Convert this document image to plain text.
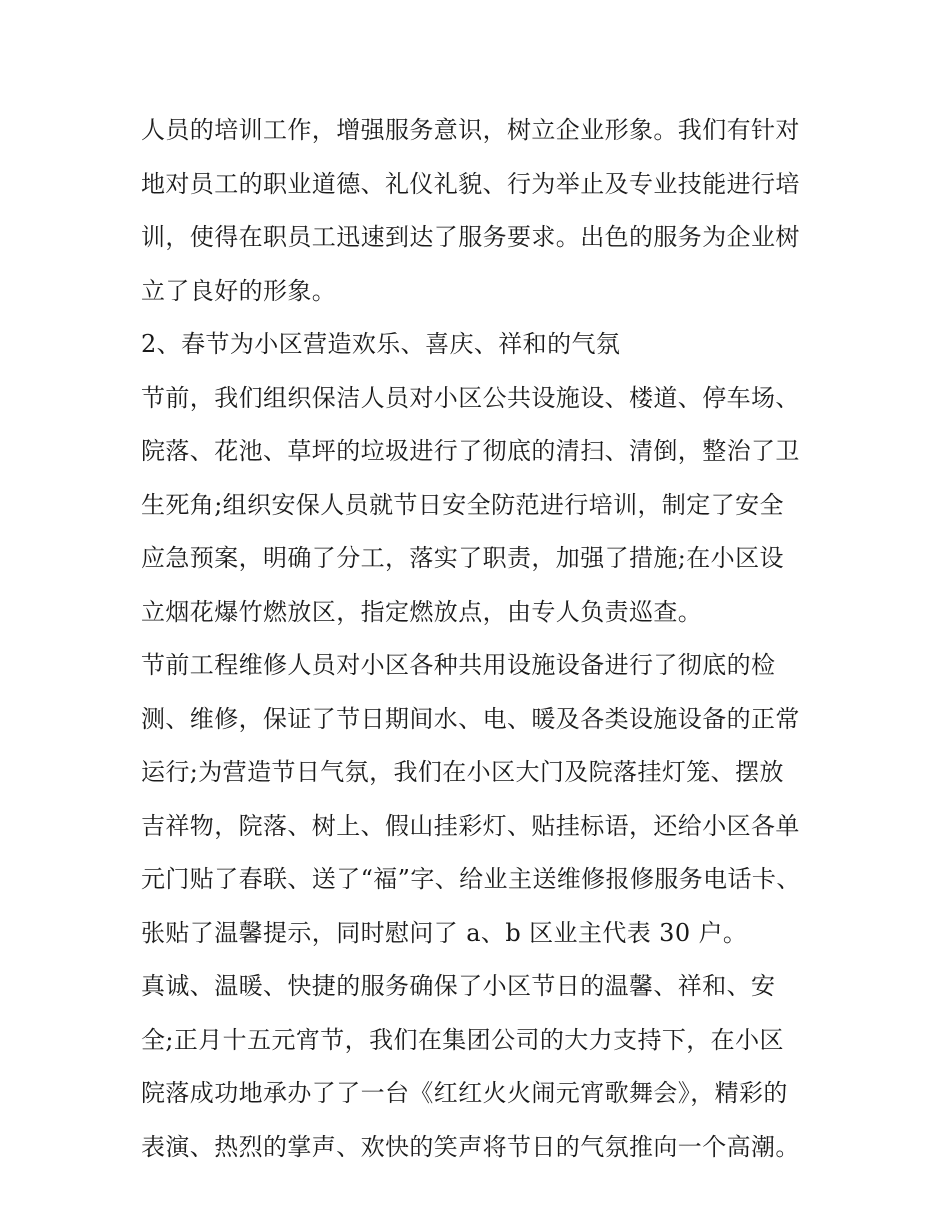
人员的培训工作，增强服务意识，树立企业形象。我们有针对
地对员工的职业道德、礼仪礼貌、行为举止及专业技能进行培
训，使得在职员工迅速到达了服务要求。出色的服务为企业树
立了良好的形象。
2、春节为小区营造欢乐、喜庆、祥和的气氛
节前，我们组织保洁人员对小区公共设施设、楼道、停车场、
院落、花池、草坪的垃圾进行了彻底的清扫、清倒，整治了卫
生死角;组织安保人员就节日安全防范进行培训，制定了安全
应急预案，明确了分工，落实了职责，加强了措施;在小区设
立烟花爆竹燃放区，指定燃放点，由专人负责巡查。
节前工程维修人员对小区各种共用设施设备进行了彻底的检
测、维修，保证了节日期间水、电、暖及各类设施设备的正常
运行;为营造节日气氛，我们在小区大门及院落挂灯笼、摆放
吉祥物，院落、树上、假山挂彩灯、贴挂标语，还给小区各单
元门贴了春联、送了“福”字、给业主送维修报修服务电话卡、
张贴了温馨提示，同时慰问了 a、b 区业主代表 30 户。
真诚、温暖、快捷的服务确保了小区节日的温馨、祥和、安
全;正月十五元宵节，我们在集团公司的大力支持下，在小区
院落成功地承办了了一台《红红火火闹元宵歌舞会》，精彩的
表演、热烈的掌声、欢快的笑声将节日的气氛推向一个高潮。
